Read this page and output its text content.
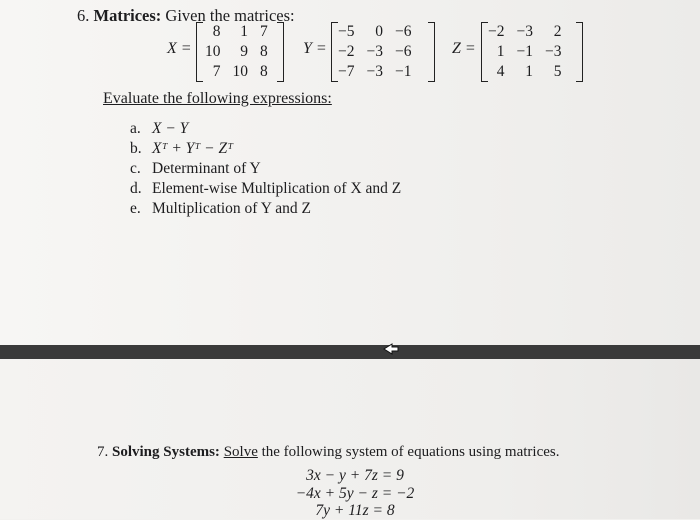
6. Matrices: Given the matrices:
X =
8	1	7
10	9	8
7	10	8
Y =
−5	0	−6
−2	−3	−6
−7	−3	−1
Z =
−2	−3	2
1	−1	−3
4	1	5
Evaluate the following expressions:
a. X − Y
b. Xᵀ + Yᵀ − Zᵀ
c. Determinant of Y
d. Element-wise Multiplication of X and Z
e. Multiplication of Y and Z
7. Solving Systems: Solve the following system of equations using matrices.
3x − y + 7z = 9
−4x + 5y − z = −2
7y + 11z = 8
